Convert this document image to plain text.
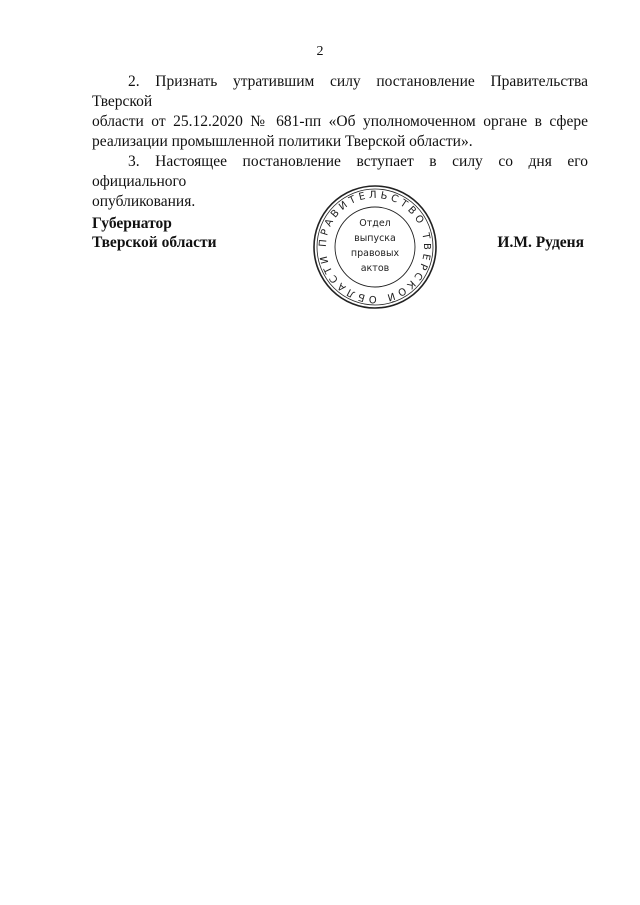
2

2. Признать утратившим силу постановление Правительства Тверской
области от 25.12.2020 № 681-пп «Об уполномоченном органе в сфере
реализации промышленной политики Тверской области».

3. Настоящее постановление вступает в силу со дня его официального
опубликования.

Губернатор
Тверской области	И.М. Руденя
ПРАВИТЕЛЬСТВО ТВЕРСКОЙ ОБЛАСТИ
Отдел
выпуска
правовых
актов
